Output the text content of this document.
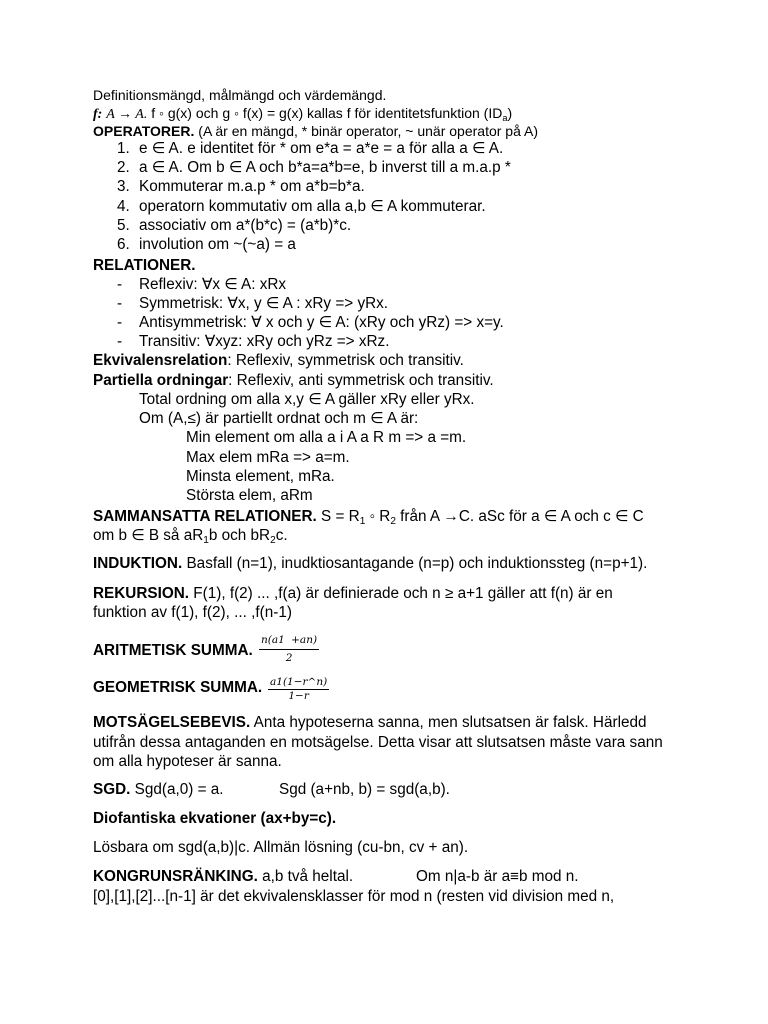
Definitionsmängd, målmängd och värdemängd.
f: A → A. f ◦ g(x) och g ◦ f(x) = g(x) kallas f för identitetsfunktion $(ID_a)$
OPERATORER. (A är en mängd, * binär operator, ~ unär operator på A)
1. e ∈ A. e identitet för * om e*a = a*e = a för alla a ∈ A.
2. a ∈ A. Om b ∈ A och b*a=a*b=e, b inverst till a m.a.p *
3. Kommuterar m.a.p * om a*b=b*a.
4. operatorn kommutativ om alla a,b ∈ A kommuterar.
5. associativ om a*(b*c) = (a*b)*c.
6. involution om ~(~a) = a
RELATIONER.
- Reflexiv: ∀x ∈ A: xRx
- Symmetrisk: ∀x, y ∈ A : xRy => yRx.
- Antisymmetrisk: ∀ x och y ∈ A: (xRy och yRz) => x=y.
- Transitiv: ∀xyz: xRy och yRz => xRz.
Ekvivalensrelation: Reflexiv, symmetrisk och transitiv.
Partiella ordningar: Reflexiv, anti symmetrisk och transitiv.
Total ordning om alla x,y ∈ A gäller xRy eller yRx.
Om (A,≤) är partiellt ordnat och m ∈ A är:
Min element om alla a i A a R m => a =m.
Max elem mRa => a=m.
Minsta element, mRa.
Största elem, aRm
SAMMANSATTA RELATIONER. $S = R_1$ ◦ $R_2$ från A →C. aSc för a ∈ A och c ∈ C
om b ∈ B så $aR_1b$ och $bR_2c$.
INDUKTION. Basfall (n=1), inudktiosantagande (n=p) och induktionssteg (n=p+1).
REKURSION. F(1), f(2) ... ,f(a) är definierade och n ≥ a+1 gäller att f(n) är en
funktion av f(1), f(2), ... ,f(n-1)
ARITMETISK SUMMA. $\frac{n(a1 +an)}{2}$
GEOMETRISK SUMMA. $\frac{a1(1-r\^{}n)}{1-r}$
MOTSÄGELSEBEVIS. Anta hypoteserna sanna, men slutsatsen är falsk. Härledd
utifrån dessa antaganden en motsägelse. Detta visar att slutsatsen måste vara sann
om alla hypoteser är sanna.
SGD. Sgd(a,0) = a.	Sgd (a+nb, b) = sgd(a,b).
Diofantiska ekvationer (ax+by=c).
Lösbara om sgd(a,b)|c. Allmän lösning (cu-bn, cv + an).
KONGRUNSRÄNKING. a,b två heltal.	Om n|a-b är a≡b mod n.
[0],[1],[2]...[n-1] är det ekvivalensklasser för mod n (resten vid division med n,
